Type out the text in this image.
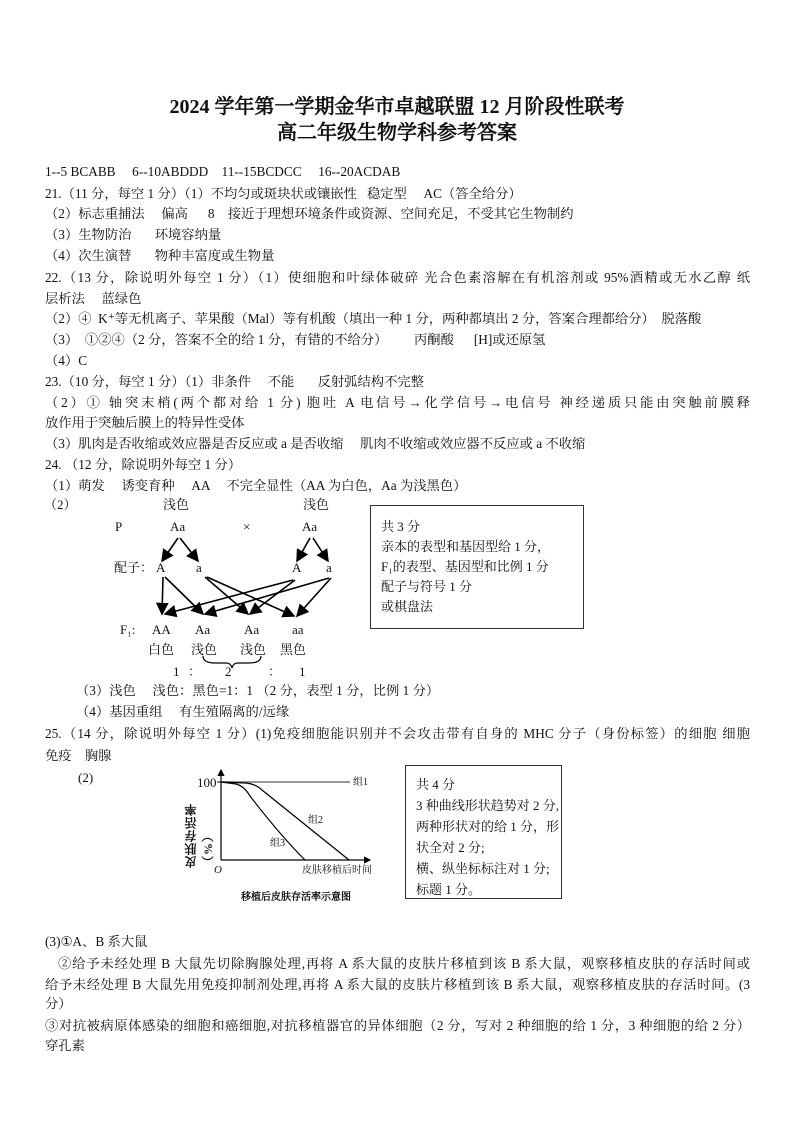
2024 学年第一学期金华市卓越联盟 12 月阶段性联考
高二年级生物学科参考答案
1--5 BCABB     6--10ABDDD    11--15BCDCC     16--20ACDAB
21.（11 分，每空 1 分）（1）不均匀或斑块状或镶嵌性   稳定型     AC（答全给分）
（2）标志重捕法     偏高      8    接近于理想环境条件或资源、空间充足，不受其它生物制约
（3）生物防治       环境容纳量
（4）次生演替       物种丰富度或生物量
22.（13 分，除说明外每空 1 分）（1）使细胞和叶绿体破碎 光合色素溶解在有机溶剂或 95%酒精或无水乙醇 纸
层析法     蓝绿色
（2）④  K⁺等无机离子、苹果酸（Mal）等有机酸（填出一种 1 分，两种都填出 2 分，答案合理都给分）  脱落酸
（3）  ①②④（2 分，答案不全的给 1 分，有错的不给分）        丙酮酸      [H]或还原氢
（4）C
23.（10 分，每空 1 分）（1）非条件     不能       反射弧结构不完整
（2）① 轴突末梢(两个都对给 1 分) 胞吐 A 电信号→化学信号→电信号 神经递质只能由突触前膜释
放作用于突触后膜上的特异性受体
（3）肌肉是否收缩或效应器是否反应或 a 是否收缩     肌肉不收缩或效应器不反应或 a 不收缩
24. （12 分，除说明外每空 1 分）
（1）萌发     诱变育种     AA     不完全显性（AA 为白色，Aa 为浅黑色）
（3）浅色     浅色：黑色=1：1 （2 分，表型 1 分，比例 1 分）
（4）基因重组     有生殖隔离的/远缘
25.（14 分，除说明外每空 1 分）(1)免疫细胞能识别并不会攻击带有自身的 MHC 分子（身份标签）的细胞 细胞
免疫    胸腺
(3)①A、B 系大鼠
②给予未经处理 B 大鼠先切除胸腺处理,再将 A 系大鼠的皮肤片移植到该 B 系大鼠，观察移植皮肤的存活时间或
给予未经处理 B 大鼠先用免疫抑制剂处理,再将 A 系大鼠的皮肤片移植到该 B 系大鼠，观察移植皮肤的存活时间。(3
分）
③对抗被病原体感染的细胞和癌细胞,对抗移植器官的异体细胞（2 分，写对 2 种细胞的给 1 分，3 种细胞的给 2 分）
穿孔素
（2）	浅色	浅色
P	Aa	×	Aa
配子： A a	A a
F₁: AA Aa	Aa	aa
白色 浅色 浅色 黑色
1 ： 2	： 1
共 3 分
亲本的表型和基因型给 1 分，
F₁的表型、基因型和比例 1 分
配子与符号 1 分
或棋盘法
(2)
皮肤存活率（%）
100
O	皮肤移植后时间
移植后皮肤存活率示意图
组1
组2
组3
共 4 分
3 种曲线形状趋势对 2 分,
两种形状对的给 1 分，形
状全对 2 分;
横、纵坐标标注对 1 分;
标题 1 分。
